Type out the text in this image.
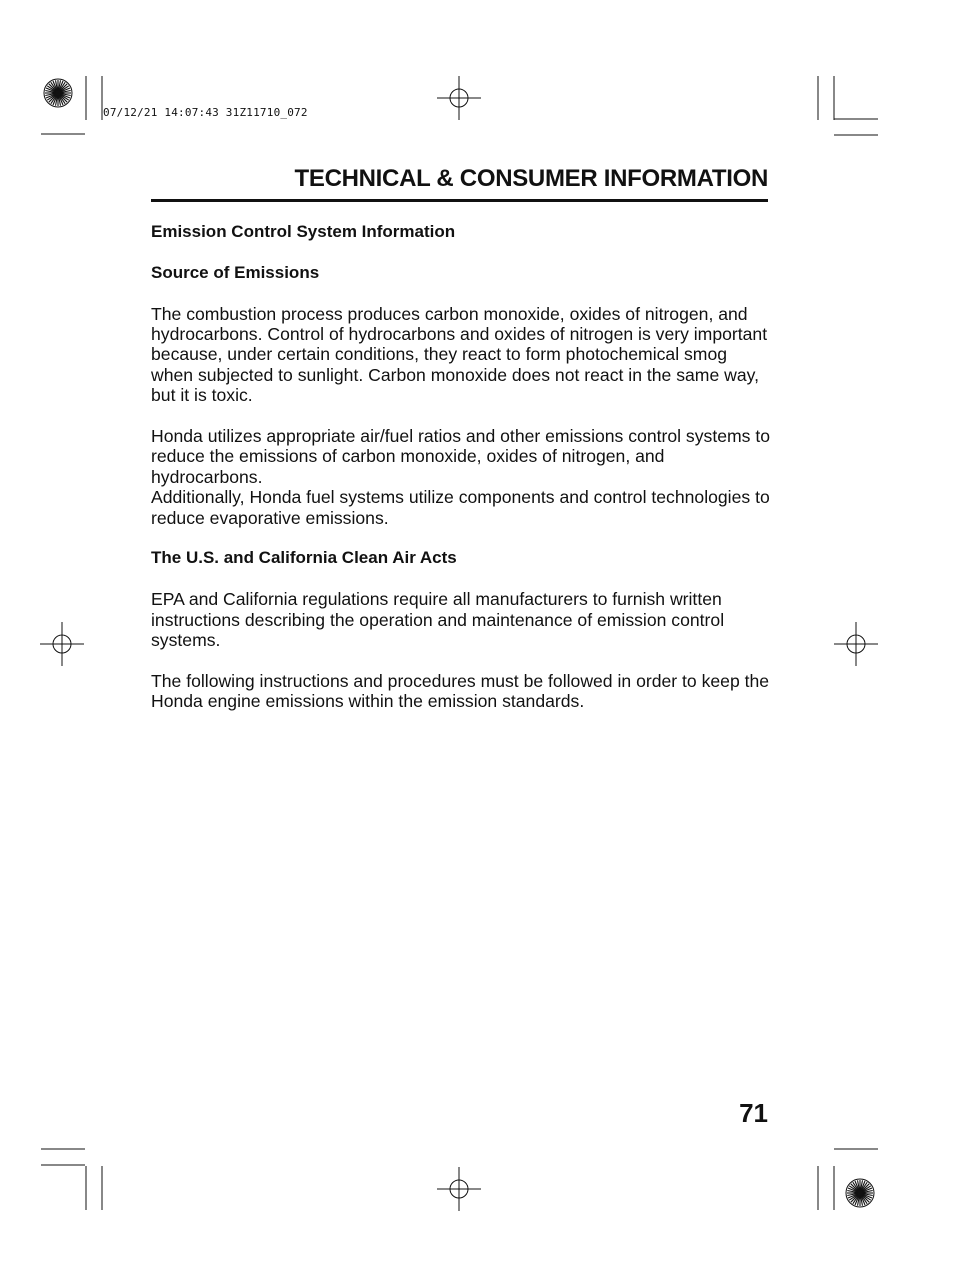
07/12/21 14:07:43 31Z11710_072
TECHNICAL & CONSUMER INFORMATION
Emission Control System Information
Source of Emissions

The combustion process produces carbon monoxide, oxides of nitrogen, and hydrocarbons. Control of hydrocarbons and oxides of nitrogen is very important because, under certain conditions, they react to form photochemical smog when subjected to sunlight. Carbon monoxide does not react in the same way, but it is toxic.

Honda utilizes appropriate air/fuel ratios and other emissions control systems to reduce the emissions of carbon monoxide, oxides of nitrogen, and hydrocarbons.

Additionally, Honda fuel systems utilize components and control technologies to reduce evaporative emissions.

The U.S. and California Clean Air Acts

EPA and California regulations require all manufacturers to furnish written instructions describing the operation and maintenance of emission control systems.

The following instructions and procedures must be followed in order to keep the Honda engine emissions within the emission standards.

71
